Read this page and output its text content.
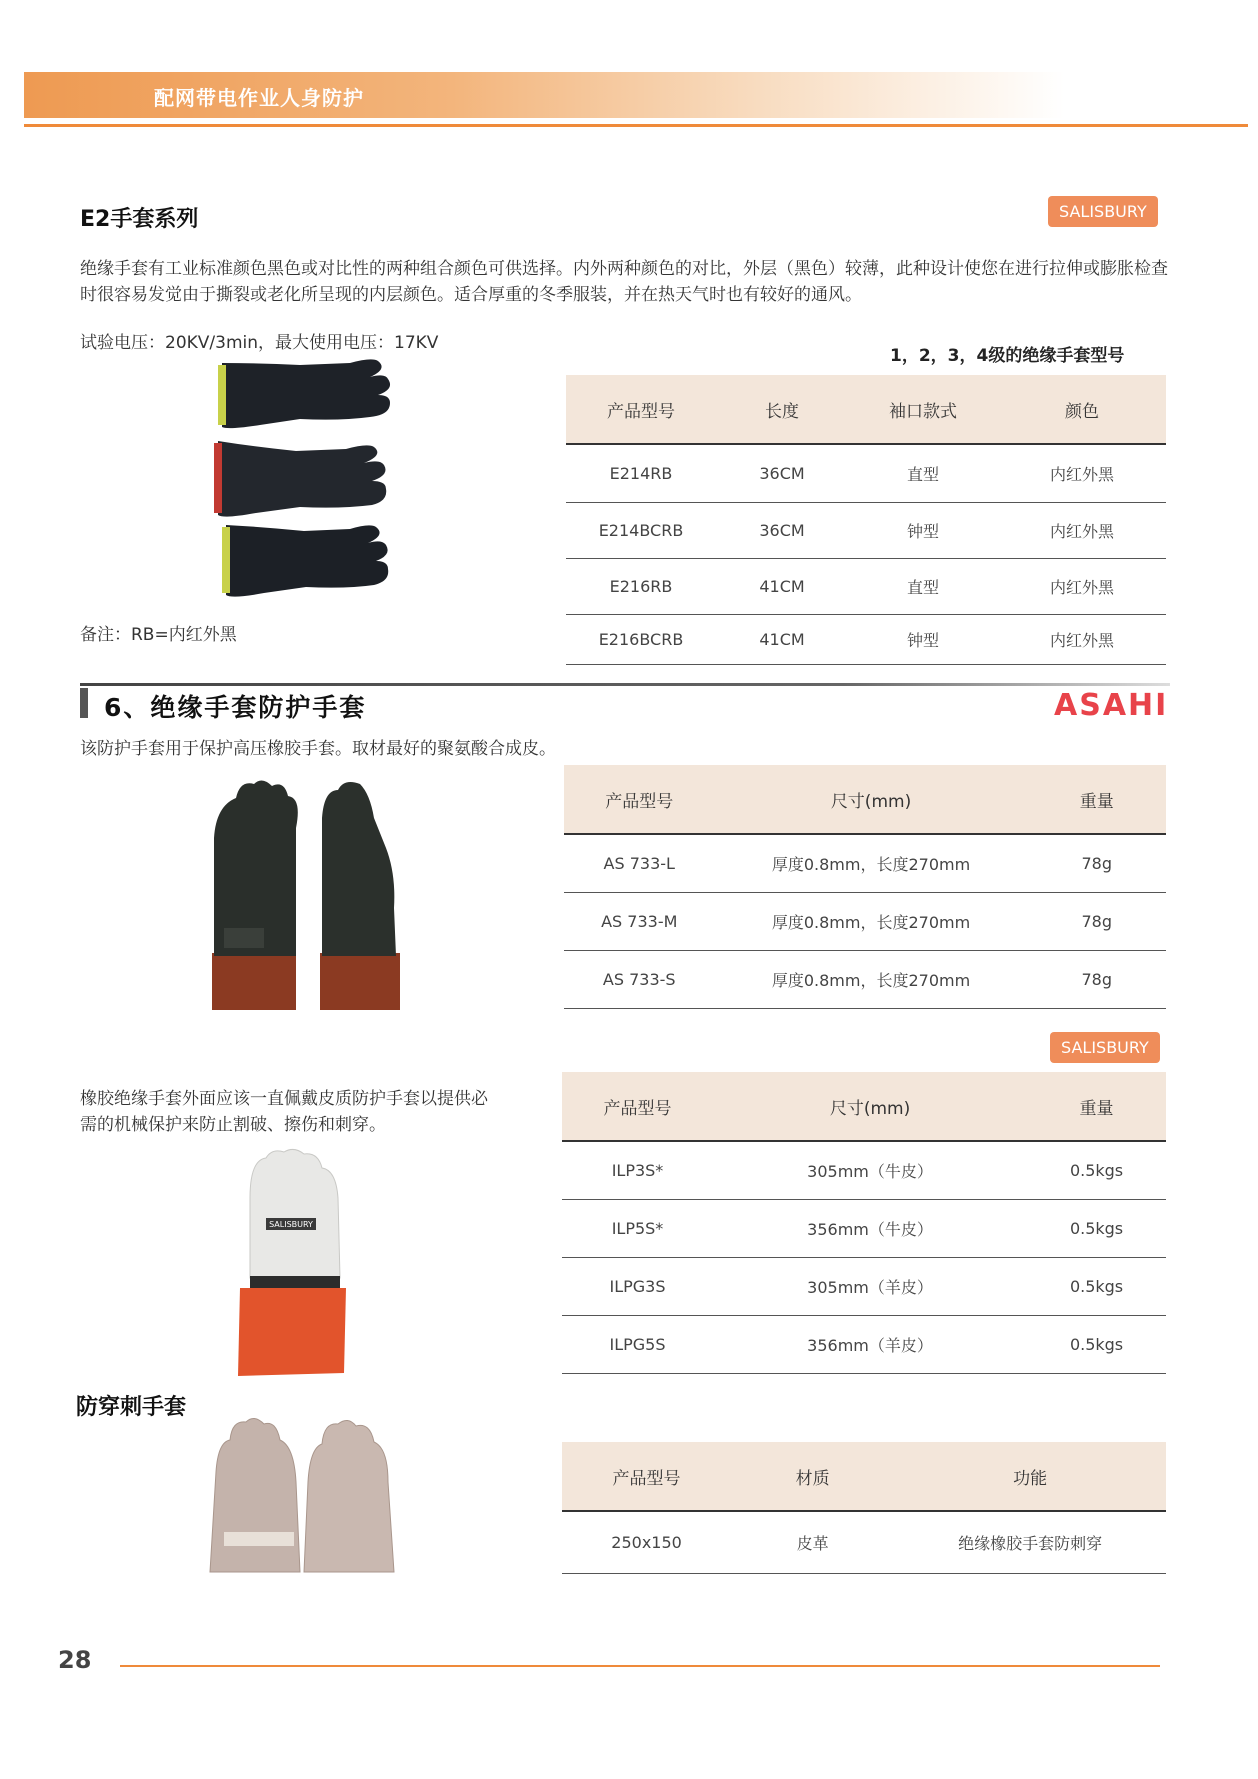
配网带电作业人身防护
E2手套系列	SALISBURY
绝缘手套有工业标准颜色黑色或对比性的两种组合颜色可供选择。内外两种颜色的对比，外层（黑色）较薄，此种设计使您在进行拉伸或膨胀检查时很容易发觉由于撕裂或老化所呈现的内层颜色。适合厚重的冬季服装，并在热天气时也有较好的通风。
试验电压：20KV/3min，最大使用电压：17KV
1，2，3，4级的绝缘手套型号
备注：RB=内红外黑
产品型号	长度	袖口款式	颜色
E214RB	36CM	直型	内红外黑
E214BCRB	36CM	钟型	内红外黑
E216RB	41CM	直型	内红外黑
E216BCRB	41CM	钟型	内红外黑
6、绝缘手套防护手套	ASAHI
该防护手套用于保护高压橡胶手套。取材最好的聚氨酸合成皮。
产品型号	尺寸(mm)	重量
AS 733-L	厚度0.8mm，长度270mm	78g
AS 733-M	厚度0.8mm，长度270mm	78g
AS 733-S	厚度0.8mm，长度270mm	78g
SALISBURY
橡胶绝缘手套外面应该一直佩戴皮质防护手套以提供必需的机械保护来防止割破、擦伤和刺穿。
SALISBURY
产品型号	尺寸(mm)	重量
ILP3S*	305mm（牛皮）	0.5kgs
ILP5S*	356mm（牛皮）	0.5kgs
ILPG3S	305mm（羊皮）	0.5kgs
ILPG5S	356mm（羊皮）	0.5kgs
防穿刺手套
产品型号	材质	功能
250x150	皮革	绝缘橡胶手套防刺穿
28
